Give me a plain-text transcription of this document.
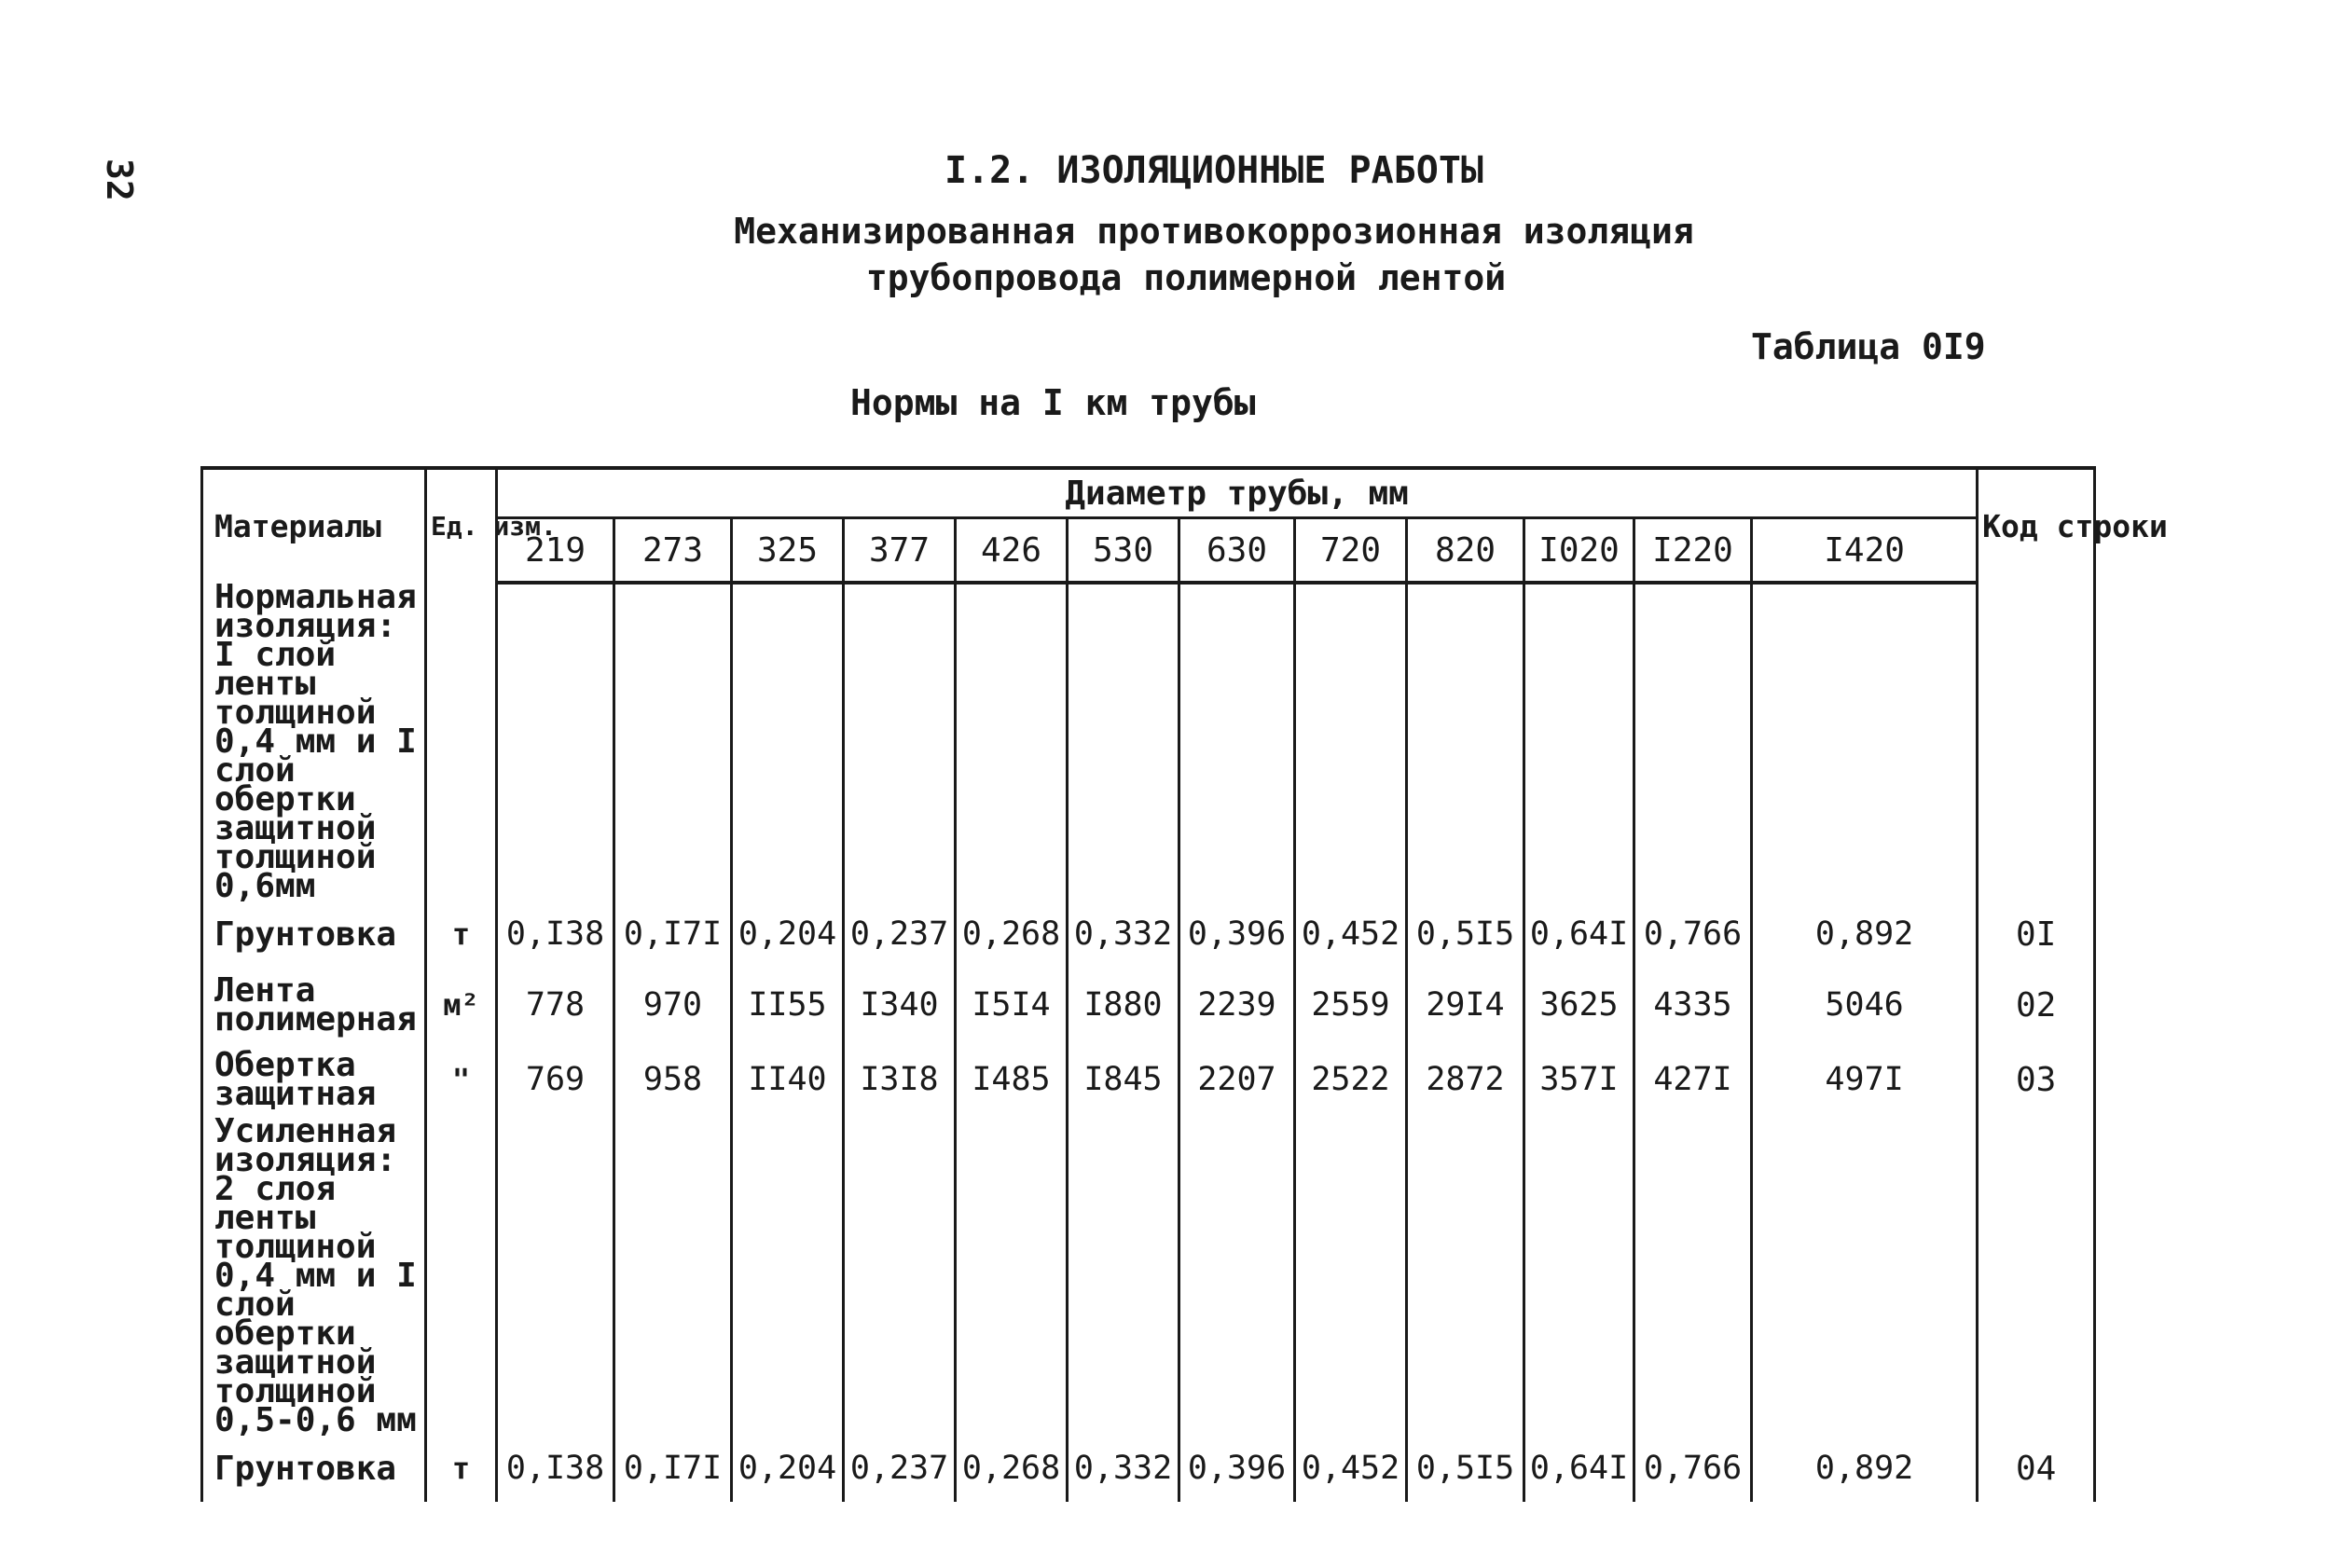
32	I.2. ИЗОЛЯЦИОННЫЕ РАБОТЫ
Механизированная противокоррозионная изоляция
трубопровода полимерной лентой
Таблица 0I9
Нормы на I км трубы
Материалы	Ед. изм.	Диаметр трубы, мм												Код строки
		219	273	325	377	426	530	630	720	820	I020	I220	I420	
Нормальная изоляция: I слой ленты толщиной 0,4 мм и I слой обертки защитной толщиной 0,6мм														
Грунтовка	т	0,I38	0,I7I	0,204	0,237	0,268	0,332	0,396	0,452	0,5I5	0,64I	0,766	0,892	0I
Лента полимерная	м²	778	970	II55	I340	I5I4	I880	2239	2559	29I4	3625	4335	5046	02
Обертка защитная	"	769	958	II40	I3I8	I485	I845	2207	2522	2872	357I	427I	497I	03
Усиленная изоляция: 2 слоя ленты толщиной 0,4 мм и I слой обертки защитной толщиной 0,5-0,6 мм														
Грунтовка	т	0,I38	0,I7I	0,204	0,237	0,268	0,332	0,396	0,452	0,5I5	0,64I	0,766	0,892	04
